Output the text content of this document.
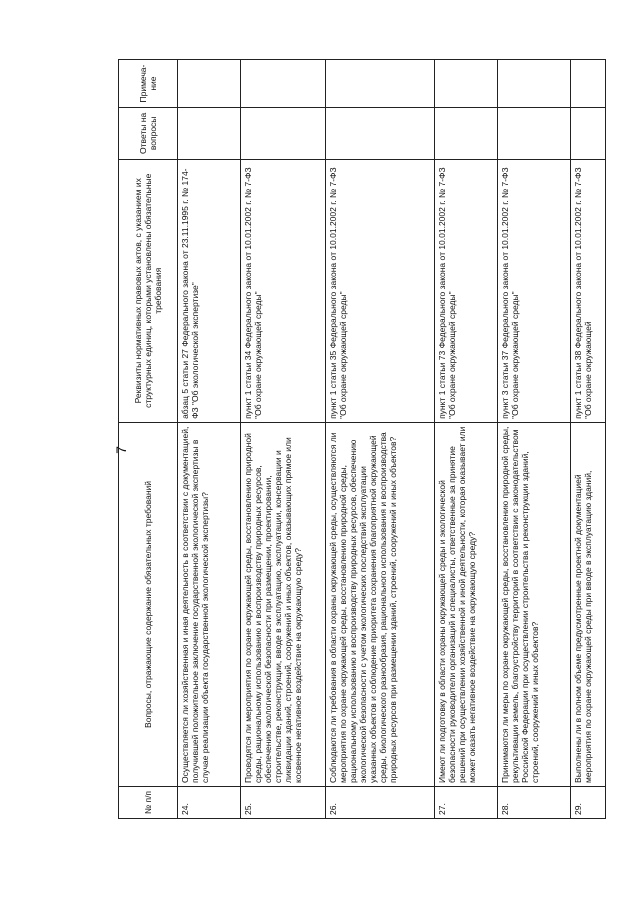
7
№ п/п	Вопросы, отражающие содержание обязательных требований	Реквизиты нормативных правовых актов, с указанием их структурных единиц, которыми установлены обязательные требования	Ответы на вопросы	Примеча-ние
24.	Осуществляется ли хозяйственная и иная деятельность в соответствии с документацией, получившей положительное заключение государственной экологической экспертизы в случае реализации объекта государственной экологической экспертизы?	абзац 5 статьи 27 Федерального закона от 23.11.1995 г. № 174-ФЗ "Об экологической экспертизе"		
25.	Проводятся ли мероприятия по охране окружающей среды, восстановлению природной среды, рациональному использованию и воспроизводству природных ресурсов, обеспечению экологической безопасности при размещении, проектировании, строительстве, реконструкции, вводе в эксплуатацию, эксплуатации, консервации и ликвидации зданий, строений, сооружений и иных объектов, оказывающих прямое или косвенное негативное воздействие на окружающую среду?	пункт 1 статьи 34 Федерального закона от 10.01.2002 г. № 7-ФЗ "Об охране окружающей среды"		
26.	Соблюдаются ли требования в области охраны окружающей среды, осуществляются ли мероприятия по охране окружающей среды, восстановлению природной среды, рациональному использованию и воспроизводству природных ресурсов, обеспечению экологической безопасности с учетом экологических последствий эксплуатации указанных объектов и соблюдение приоритета сохранения благоприятной окружающей среды, биологического разнообразия, рационального использования и воспроизводства природных ресурсов при размещении зданий, строений, сооружений и иных объектов?	пункт 1 статьи 35 Федерального закона от 10.01.2002 г. № 7-ФЗ "Об охране окружающей среды"		
27.	Имеют ли подготовку в области охраны окружающей среды и экологической безопасности руководители организаций и специалисты, ответственные за принятие решений при осуществлении хозяйственной и иной деятельности, которая оказывает или может оказать негативное воздействие на окружающую среду?	пункт 1 статьи 73 Федерального закона от 10.01.2002 г. № 7-ФЗ "Об охране окружающей среды"		
28.	Принимаются ли меры по охране окружающей среды, восстановлению природной среды, рекультивации земель, благоустройству территорий в соответствии с законодательством Российской Федерации при осуществлении строительства и реконструкции зданий, строений, сооружений и иных объектов?	пункт 3 статьи 37 Федерального закона от 10.01.2002 г. № 7-ФЗ "Об охране окружающей среды"		
29.	Выполнены ли в полном объеме предусмотренные проектной документацией мероприятия по охране окружающей среды при вводе в эксплуатацию зданий,	пункт 1 статьи 38 Федерального закона от 10.01.2002 г. № 7-ФЗ "Об охране окружающей		
